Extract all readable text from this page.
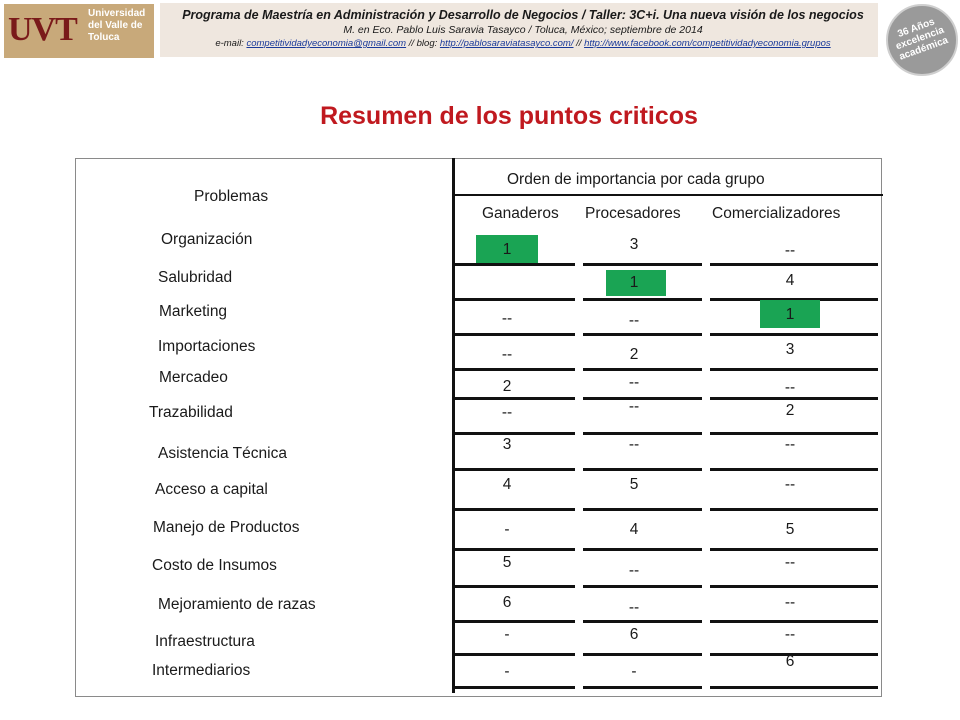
UVT	Universidad del Valle de Toluca
Programa de Maestría en Administración y Desarrollo de Negocios / Taller: 3C+i. Una nueva visión de los negocios
M. en Eco. Pablo Luis Saravia Tasayco / Toluca, México; septiembre de 2014
e-mail: competitividadyeconomia@gmail.com // blog: http://pablosaraviatasayco.com/ // http://www.facebook.com/competitividadyeconomia.grupos
36 Años excelencia académica
Resumen de los puntos criticos
Problemas
Orden de importancia por cada grupo
Ganaderos Procesadores Comercializadores
Organización
Salubridad
Marketing
Importaciones
Mercadeo
Trazabilidad
Asistencia Técnica
Acceso a capital
Manejo de Productos
Costo de Insumos
Mejoramiento de razas
Infraestructura
Intermediarios
1
--
--
2
--
3
4
-
5
6
-
-
3
1
--
2
--
--
--
5
4
--
--
6
-
--
4
1
3
--
2
--
--
5
--
--
--
6
